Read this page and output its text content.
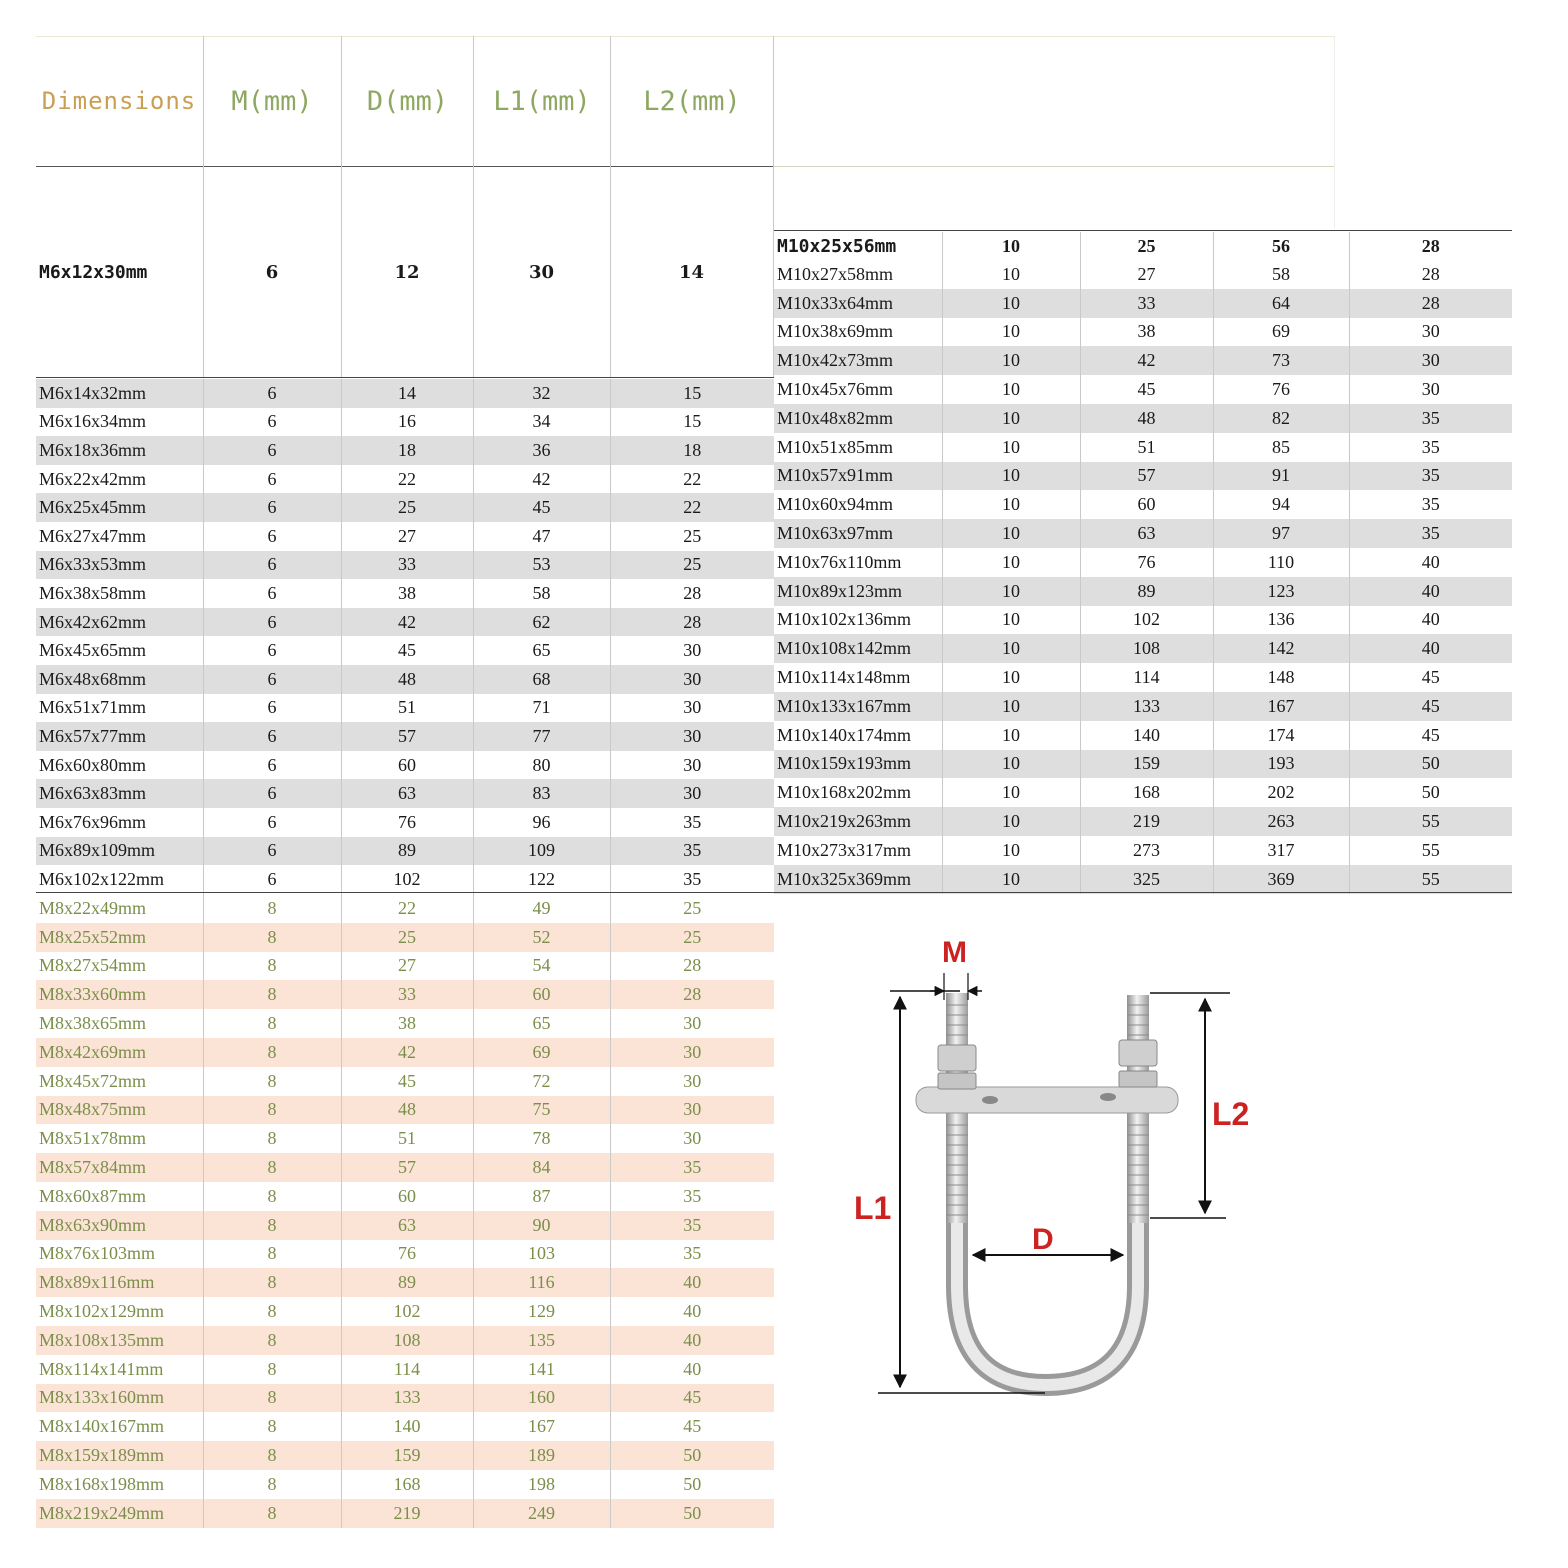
Dimensions	M(mm)	D(mm)	L1(mm)	L2(mm)
M6x12x30mm	6	12	30	14
M6x14x32mm	6	14	32	15
M6x16x34mm	6	16	34	15
M6x18x36mm	6	18	36	18
M6x22x42mm	6	22	42	22
M6x25x45mm	6	25	45	22
M6x27x47mm	6	27	47	25
M6x33x53mm	6	33	53	25
M6x38x58mm	6	38	58	28
M6x42x62mm	6	42	62	28
M6x45x65mm	6	45	65	30
M6x48x68mm	6	48	68	30
M6x51x71mm	6	51	71	30
M6x57x77mm	6	57	77	30
M6x60x80mm	6	60	80	30
M6x63x83mm	6	63	83	30
M6x76x96mm	6	76	96	35
M6x89x109mm	6	89	109	35
M6x102x122mm	6	102	122	35
M8x22x49mm	8	22	49	25
M8x25x52mm	8	25	52	25
M8x27x54mm	8	27	54	28
M8x33x60mm	8	33	60	28
M8x38x65mm	8	38	65	30
M8x42x69mm	8	42	69	30
M8x45x72mm	8	45	72	30
M8x48x75mm	8	48	75	30
M8x51x78mm	8	51	78	30
M8x57x84mm	8	57	84	35
M8x60x87mm	8	60	87	35
M8x63x90mm	8	63	90	35
M8x76x103mm	8	76	103	35
M8x89x116mm	8	89	116	40
M8x102x129mm	8	102	129	40
M8x108x135mm	8	108	135	40
M8x114x141mm	8	114	141	40
M8x133x160mm	8	133	160	45
M8x140x167mm	8	140	167	45
M8x159x189mm	8	159	189	50
M8x168x198mm	8	168	198	50
M8x219x249mm	8	219	249	50
M10x25x56mm	10	25	56	28
M10x27x58mm	10	27	58	28
M10x33x64mm	10	33	64	28
M10x38x69mm	10	38	69	30
M10x42x73mm	10	42	73	30
M10x45x76mm	10	45	76	30
M10x48x82mm	10	48	82	35
M10x51x85mm	10	51	85	35
M10x57x91mm	10	57	91	35
M10x60x94mm	10	60	94	35
M10x63x97mm	10	63	97	35
M10x76x110mm	10	76	110	40
M10x89x123mm	10	89	123	40
M10x102x136mm	10	102	136	40
M10x108x142mm	10	108	142	40
M10x114x148mm	10	114	148	45
M10x133x167mm	10	133	167	45
M10x140x174mm	10	140	174	45
M10x159x193mm	10	159	193	50
M10x168x202mm	10	168	202	50
M10x219x263mm	10	219	263	55
M10x273x317mm	10	273	317	55
M10x325x369mm	10	325	369	55
M
L2
L1
D
